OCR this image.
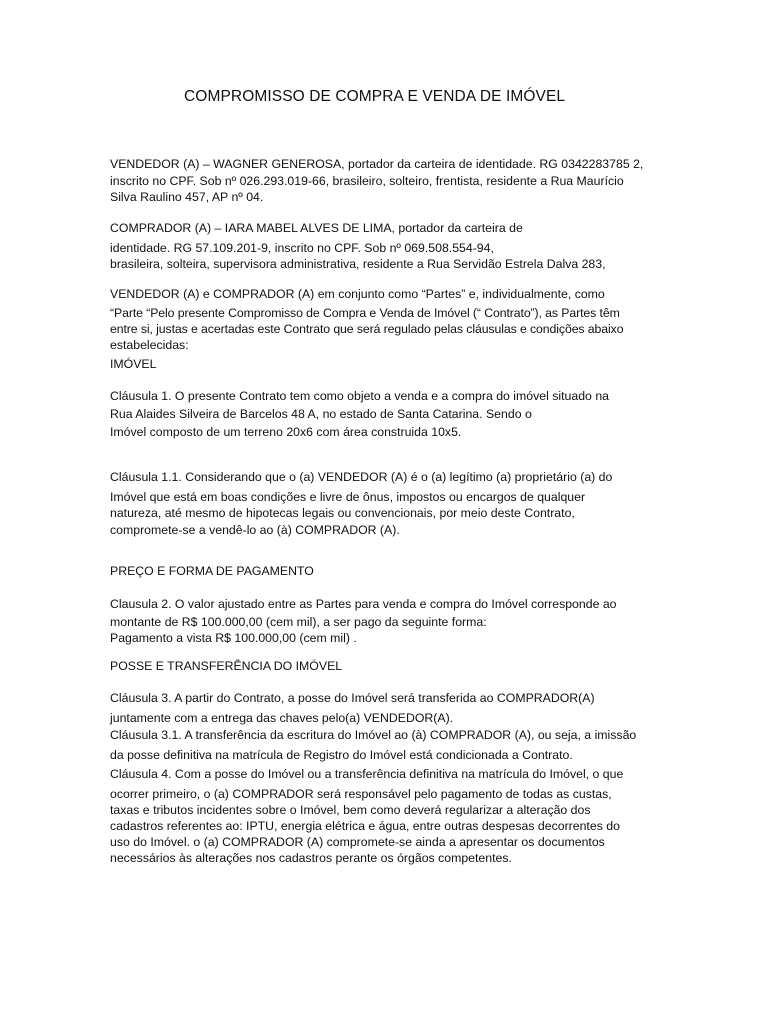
COMPROMISSO DE COMPRA E VENDA DE IMÓVEL
VENDEDOR (A) – WAGNER GENEROSA, portador da carteira de identidade. RG 0342283785 2,
inscrito no CPF. Sob nº 026.293.019-66, brasileiro, solteiro, frentista, residente a Rua Maurício
Silva Raulino 457, AP nº 04.
COMPRADOR (A) – IARA MABEL ALVES DE LIMA, portador da carteira de
identidade. RG 57.109.201-9, inscrito no CPF. Sob nº 069.508.554-94,
brasileira, solteira, supervisora administrativa, residente a Rua Servidão Estrela Dalva 283,
VENDEDOR (A) e COMPRADOR (A) em conjunto como “Partes” e, individualmente, como
“Parte “Pelo presente Compromisso de Compra e Venda de Imóvel (“ Contrato”), as Partes têm
entre si, justas e acertadas este Contrato que será regulado pelas cláusulas e condições abaixo
estabelecidas:
IMÓVEL
Cláusula 1. O presente Contrato tem como objeto a venda e a compra do imóvel situado na
Rua Alaides Silveira de Barcelos 48 A, no estado de Santa Catarina. Sendo o
Imóvel composto de um terreno 20x6 com área construida 10x5.
Cláusula 1.1. Considerando que o (a) VENDEDOR (A) é o (a) legítimo (a) proprietário (a) do
Imóvel que está em boas condições e livre de ônus, impostos ou encargos de qualquer
natureza, até mesmo de hipotecas legais ou convencionais, por meio deste Contrato,
compromete-se a vendê-lo ao (à) COMPRADOR (A).
PREÇO E FORMA DE PAGAMENTO
Clausula 2. O valor ajustado entre as Partes para venda e compra do Imóvel corresponde ao
montante de R$ 100.000,00 (cem mil), a ser pago da seguinte forma:
Pagamento a vista R$ 100.000,00 (cem mil) .
POSSE E TRANSFERÊNCIA DO IMÓVEL
Cláusula 3. A partir do Contrato, a posse do Imóvel será transferida ao COMPRADOR(A)
juntamente com a entrega das chaves pelo(a) VENDEDOR(A).
Cláusula 3.1. A transferência da escritura do Imóvel ao (à) COMPRADOR (A), ou seja, a imissão
da posse definitiva na matrícula de Registro do Imóvel está condicionada a Contrato.
Cláusula 4. Com a posse do Imóvel ou a transferência definitiva na matrícula do Imóvel, o que
ocorrer primeiro, o (a) COMPRADOR será responsável pelo pagamento de todas as custas,
taxas e tributos incidentes sobre o Imóvel, bem como deverá regularizar a alteração dos
cadastros referentes ao: IPTU, energia elétrica e água, entre outras despesas decorrentes do
uso do Imóvel. o (a) COMPRADOR (A) compromete-se ainda a apresentar os documentos
necessários às alterações nos cadastros perante os órgãos competentes.
